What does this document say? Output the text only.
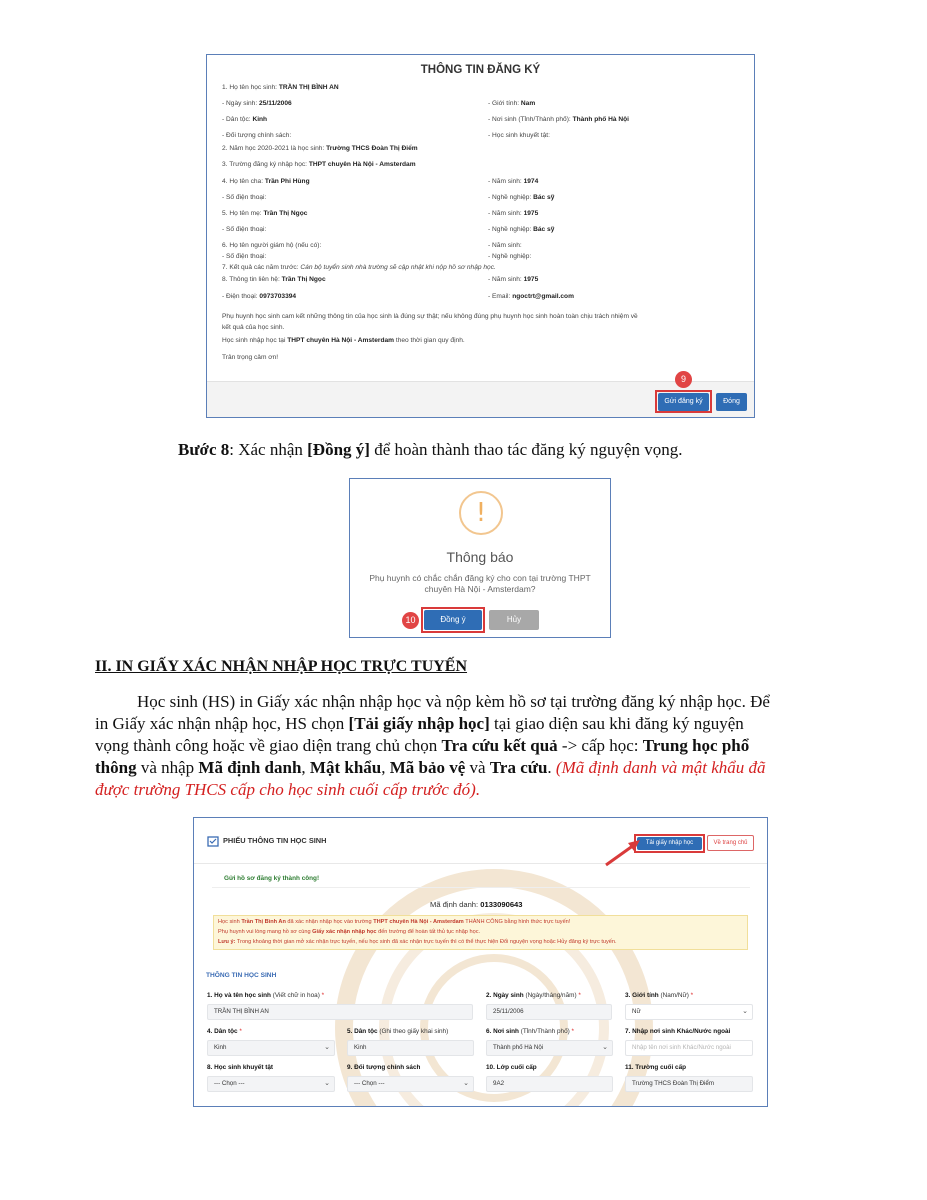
THÔNG TIN ĐĂNG KÝ
1. Họ tên học sinh: TRẦN THỊ BÌNH AN
- Ngày sinh: 25/11/2006	- Giới tính: Nam
- Dân tộc: Kinh	- Nơi sinh (Tỉnh/Thành phố): Thành phố Hà Nội
- Đối tượng chính sách:	- Học sinh khuyết tật:
2. Năm học 2020-2021 là học sinh: Trường THCS Đoàn Thị Điểm
3. Trường đăng ký nhập học: THPT chuyên Hà Nội - Amsterdam
4. Họ tên cha: Trần Phi Hùng	- Năm sinh: 1974
- Số điện thoại:	- Nghề nghiệp: Bác sỹ
5. Họ tên mẹ: Trần Thị Ngọc	- Năm sinh: 1975
- Số điện thoại:	- Nghề nghiệp: Bác sỹ
6. Họ tên người giám hộ (nếu có):	- Năm sinh:
- Số điện thoại:	- Nghề nghiệp:
7. Kết quả các năm trước: Cán bộ tuyển sinh nhà trường sẽ cập nhật khi nộp hồ sơ nhập học.
8. Thông tin liên hệ: Trần Thị Ngọc	- Năm sinh: 1975
- Điện thoại: 0973703394	- Email: ngoctrt@gmail.com
Phụ huynh học sinh cam kết những thông tin của học sinh là đúng sự thật; nếu không đúng phụ huynh học sinh hoàn toàn chịu trách nhiệm về
kết quả của học sinh.
Học sinh nhập học tại THPT chuyên Hà Nội - Amsterdam theo thời gian quy định.
Trân trọng cảm ơn!
9
Gửi đăng ký	Đóng
Bước 8: Xác nhận [Đồng ý] để hoàn thành thao tác đăng ký nguyện vọng.
!
Thông báo
Phụ huynh có chắc chắn đăng ký cho con tại trường THPT
chuyên Hà Nội - Amsterdam?
10	Đồng ý	Hủy
II. IN GIẤY XÁC NHẬN NHẬP HỌC TRỰC TUYẾN
Học sinh (HS) in Giấy xác nhận nhập học và nộp kèm hồ sơ tại trường đăng ký nhập học. Để
in Giấy xác nhận nhập học, HS chọn [Tải giấy nhập học] tại giao diện sau khi đăng ký nguyện
vọng thành công hoặc về giao diện trang chủ chọn Tra cứu kết quả -> cấp học: Trung học phổ
thông và nhập Mã định danh, Mật khẩu, Mã bảo vệ và Tra cứu. (Mã định danh và mật khẩu đã
được trường THCS cấp cho học sinh cuối cấp trước đó).
PHIẾU THÔNG TIN HỌC SINH	Tải giấy nhập học	Về trang chủ
Gửi hồ sơ đăng ký thành công!
Mã định danh: 0133090643
Học sinh Trần Thị Bình An đã xác nhận nhập học vào trường THPT chuyên Hà Nội - Amsterdam THÀNH CÔNG bằng hình thức trực tuyến!
Phụ huynh vui lòng mang hồ sơ cùng Giấy xác nhận nhập học đến trường để hoàn tất thủ tục nhập học.
Lưu ý: Trong khoảng thời gian mở xác nhận trực tuyến, nếu học sinh đã xác nhận trực tuyến thì có thể thực hiện Đổi nguyện vọng hoặc Hủy đăng ký trực tuyến.
THÔNG TIN HỌC SINH
1. Họ và tên học sinh (Viết chữ in hoa) *	2. Ngày sinh (Ngày/tháng/năm) *	3. Giới tính (Nam/Nữ) *
TRẦN THỊ BÌNH AN	25/11/2006	Nữ	⌄
4. Dân tộc *	5. Dân tộc (Ghi theo giấy khai sinh)	6. Nơi sinh (Tỉnh/Thành phố) *	7. Nhập nơi sinh Khác/Nước ngoài
Kinh	⌄	Kinh	Thành phố Hà Nội	⌄	Nhập tên nơi sinh Khác/Nước ngoài
8. Học sinh khuyết tật	9. Đối tượng chính sách	10. Lớp cuối cấp	11. Trường cuối cấp
--- Chọn ---	⌄	--- Chọn ---	⌄	9A2	Trường THCS Đoàn Thị Điểm
